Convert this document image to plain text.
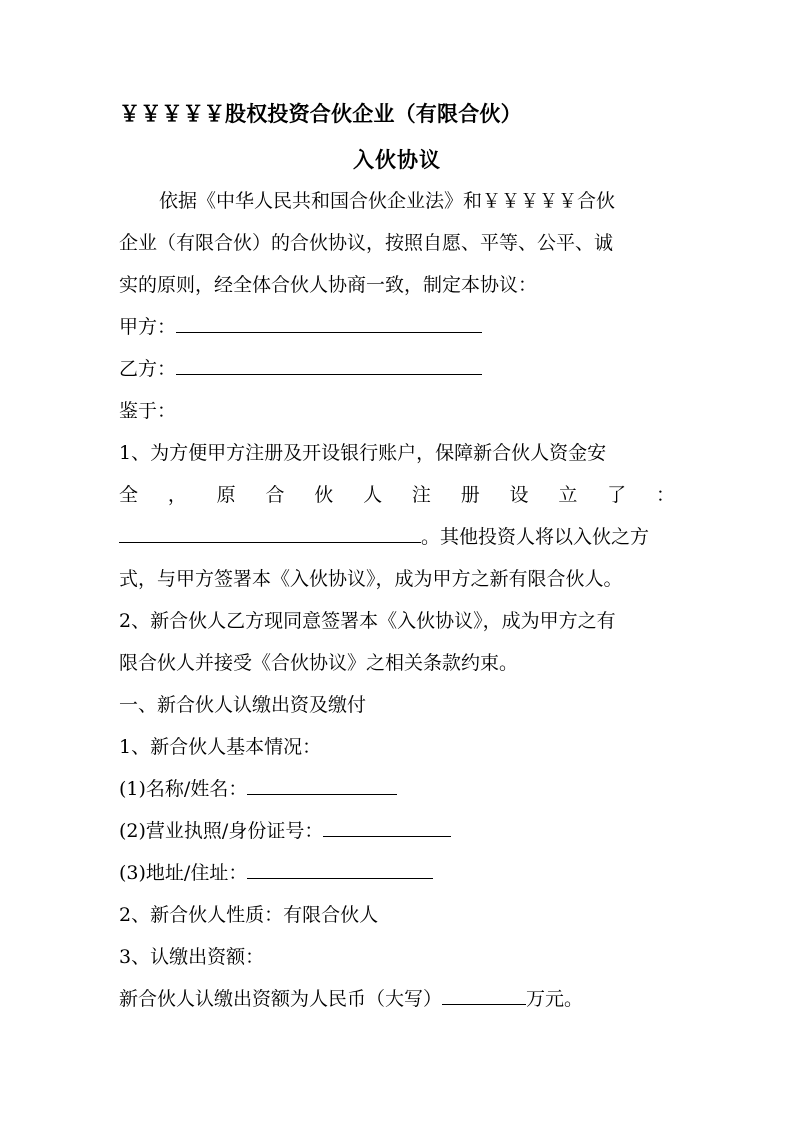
￥￥￥￥￥股权投资合伙企业（有限合伙）
入伙协议
依据《中华人民共和国合伙企业法》和￥￥￥￥￥合伙
企业（有限合伙）的合伙协议，按照自愿、平等、公平、诚
实的原则，经全体合伙人协商一致，制定本协议：
甲方：
乙方：
鉴于：
1、为方便甲方注册及开设银行账户，保障新合伙人资金安
全 ， 原 合 伙 人 注 册 设 立 了 ：
。其他投资人将以入伙之方
式，与甲方签署本《入伙协议》，成为甲方之新有限合伙人。
2、新合伙人乙方现同意签署本《入伙协议》，成为甲方之有
限合伙人并接受《合伙协议》之相关条款约束。
一、新合伙人认缴出资及缴付
1、新合伙人基本情况：
(1)名称/姓名：
(2)营业执照/身份证号：
(3)地址/住址：
2、新合伙人性质：有限合伙人
3、认缴出资额：
新合伙人认缴出资额为人民币（大写）	万元。
